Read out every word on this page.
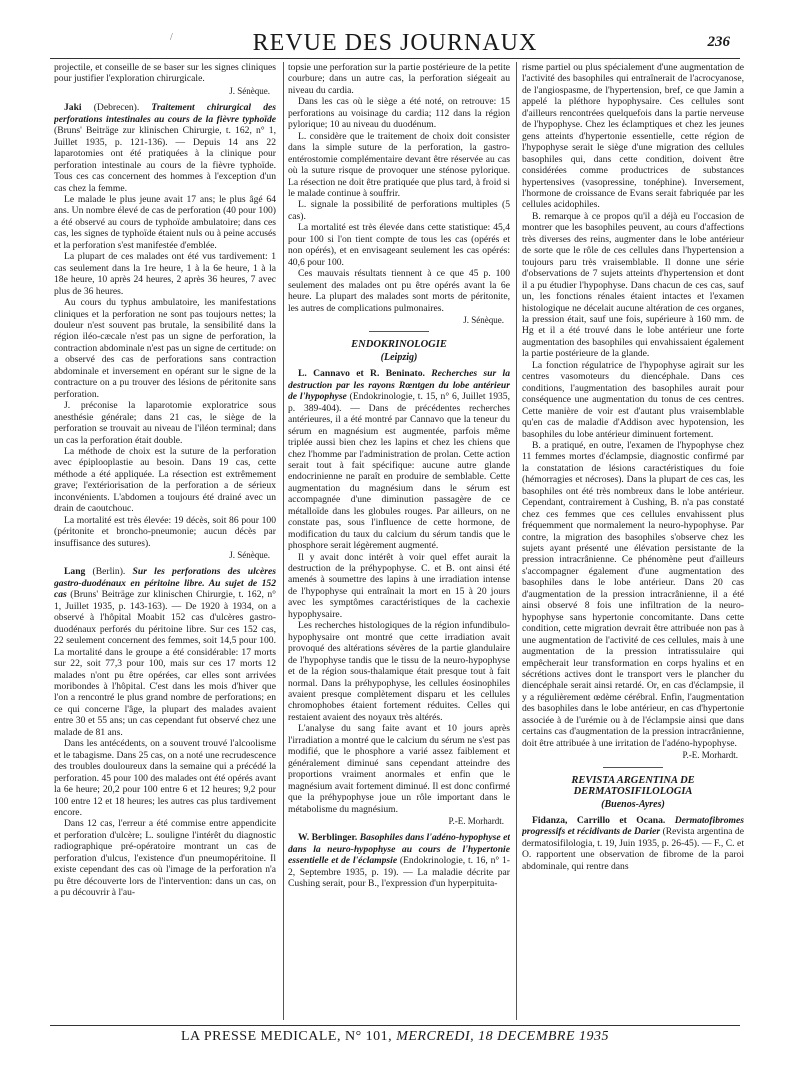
/	REVUE DES JOURNAUX	236

projectile, et conseille de se baser sur les signes cliniques pour justifier l'exploration chirurgicale.

J. Sénèque.

Jaki (Debrecen). Traitement chirurgical des perforations intestinales au cours de la fièvre typhoïde (Bruns' Beiträge zur klinischen Chirurgie, t. 162, n° 1, Juillet 1935, p. 121-136). — Depuis 14 ans 22 laparotomies ont été pratiquées à la clinique pour perforation intestinale au cours de la fièvre typhoïde. Tous ces cas concernent des hommes à l'exception d'un cas chez la femme.

Le malade le plus jeune avait 17 ans; le plus âgé 64 ans. Un nombre élevé de cas de perforation (40 pour 100) a été observé au cours de typhoïde ambulatoire; dans ces cas, les signes de typhoïde étaient nuls ou à peine accusés et la perforation s'est manifestée d'emblée.

La plupart de ces malades ont été vus tardivement: 1 cas seulement dans la 1re heure, 1 à la 6e heure, 1 à la 18e heure, 10 après 24 heures, 2 après 36 heures, 7 avec plus de 36 heures.

Au cours du typhus ambulatoire, les manifestations cliniques et la perforation ne sont pas toujours nettes; la douleur n'est souvent pas brutale, la sensibilité dans la région iléo-cæcale n'est pas un signe de perforation, la contraction abdominale n'est pas un signe de certitude: on a observé des cas de perforations sans contraction abdominale et inversement en opérant sur le signe de la contracture on a pu trouver des lésions de péritonite sans perforation.

J. préconise la laparotomie exploratrice sous anesthésie générale; dans 21 cas, le siège de la perforation se trouvait au niveau de l'iléon terminal; dans un cas la perforation était double.

La méthode de choix est la suture de la perforation avec épiplooplastie au besoin. Dans 19 cas, cette méthode a été appliquée. La résection est extrêmement grave; l'extériorisation de la perforation a de sérieux inconvénients. L'abdomen a toujours été drainé avec un drain de caoutchouc.

La mortalité est très élevée: 19 décès, soit 86 pour 100 (péritonite et broncho-pneumonie; aucun décès par insuffisance des sutures).

J. Sénèque.

Lang (Berlin). Sur les perforations des ulcères gastro-duodénaux en péritoine libre. Au sujet de 152 cas (Bruns' Beiträge zur klinischen Chirurgie, t. 162, n° 1, Juillet 1935, p. 143-163). — De 1920 à 1934, on a observé à l'hôpital Moabit 152 cas d'ulcères gastro-duodénaux perforés du péritoine libre. Sur ces 152 cas, 22 seulement concernent des femmes, soit 14,5 pour 100. La mortalité dans le groupe a été considérable: 17 morts sur 22, soit 77,3 pour 100, mais sur ces 17 morts 12 malades n'ont pu être opérées, car elles sont arrivées moribondes à l'hôpital. C'est dans les mois d'hiver que l'on a rencontré le plus grand nombre de perforations; en ce qui concerne l'âge, la plupart des malades avaient entre 30 et 55 ans; un cas cependant fut observé chez une malade de 81 ans.

Dans les antécédents, on a souvent trouvé l'alcoolisme et le tabagisme. Dans 25 cas, on a noté une recrudescence des troubles douloureux dans la semaine qui a précédé la perforation. 45 pour 100 des malades ont été opérés avant la 6e heure; 20,2 pour 100 entre 6 et 12 heures; 9,2 pour 100 entre 12 et 18 heures; les autres cas plus tardivement encore.

Dans 12 cas, l'erreur a été commise entre appendicite et perforation d'ulcère; L. souligne l'intérêt du diagnostic radiographique pré-opératoire montrant un cas de perforation d'ulcus, l'existence d'un pneumopéritoine. Il existe cependant des cas où l'image de la perforation n'a pu être découverte lors de l'intervention: dans un cas, on a pu découvrir à l'au-

topsie une perforation sur la partie postérieure de la petite courbure; dans un autre cas, la perforation siégeait au niveau du cardia.

Dans les cas où le siège a été noté, on retrouve: 15 perforations au voisinage du cardia; 112 dans la région pylorique; 10 au niveau du duodénum.

L. considère que le traitement de choix doit consister dans la simple suture de la perforation, la gastro-entérostomie complémentaire devant être réservée au cas où la suture risque de provoquer une sténose pylorique. La résection ne doit être pratiquée que plus tard, à froid si le malade continue à souffrir.

L. signale la possibilité de perforations multiples (5 cas).

La mortalité est très élevée dans cette statistique: 45,4 pour 100 si l'on tient compte de tous les cas (opérés et non opérés), et en envisageant seulement les cas opérés: 40,6 pour 100.

Ces mauvais résultats tiennent à ce que 45 p. 100 seulement des malades ont pu être opérés avant la 6e heure. La plupart des malades sont morts de péritonite, les autres de complications pulmonaires.

J. Sénèque.
ENDOKRINOLOGIE
(Leipzig)

L. Cannavo et R. Beninato. Recherches sur la destruction par les rayons Rœntgen du lobe antérieur de l'hypophyse (Endokrinologie, t. 15, n° 6, Juillet 1935, p. 389-404). — Dans de précédentes recherches antérieures, il a été montré par Cannavo que la teneur du sérum en magnésium est augmentée, parfois même triplée aussi bien chez les lapins et chez les chiens que chez l'homme par l'administration de prolan. Cette action serait tout à fait spécifique: aucune autre glande endocrinienne ne paraît en produire de semblable. Cette augmentation du magnésium dans le sérum est accompagnée d'une diminution passagère de ce métalloïde dans les globules rouges. Par ailleurs, on ne constate pas, sous l'influence de cette hormone, de modification du taux du calcium du sérum tandis que le phosphore serait légèrement augmenté.

Il y avait donc intérêt à voir quel effet aurait la destruction de la préhypophyse. C. et B. ont ainsi été amenés à soumettre des lapins à une irradiation intense de l'hypophyse qui entraînait la mort en 15 à 20 jours avec les symptômes caractéristiques de la cachexie hypophysaire.

Les recherches histologiques de la région infundibulo-hypophysaire ont montré que cette irradiation avait provoqué des altérations sévères de la partie glandulaire de l'hypophyse tandis que le tissu de la neuro-hypophyse et de la région sous-thalamique était presque tout à fait normal. Dans la préhypophyse, les cellules éosinophiles avaient presque complètement disparu et les cellules chromophobes étaient fortement réduites. Celles qui restaient avaient des noyaux très altérés.

L'analyse du sang faite avant et 10 jours après l'irradiation a montré que le calcium du sérum ne s'est pas modifié, que le phosphore a varié assez faiblement et généralement diminué sans cependant atteindre des proportions vraiment anormales et enfin que le magnésium avait fortement diminué. Il est donc confirmé que la préhypophyse joue un rôle important dans le métabolisme du magnésium.

P.-E. Morhardt.

W. Berblinger. Basophiles dans l'adéno-hypophyse et dans la neuro-hypophyse au cours de l'hypertonie essentielle et de l'éclampsie (Endokrinologie, t. 16, n° 1-2, Septembre 1935, p. 19). — La maladie décrite par Cushing serait, pour B., l'expression d'un hyperpituita-

risme partiel ou plus spécialement d'une augmentation de l'activité des basophiles qui entraînerait de l'acrocyanose, de l'angiospasme, de l'hypertension, bref, ce que Jamin a appelé la pléthore hypophysaire. Ces cellules sont d'ailleurs rencontrées quelquefois dans la partie nerveuse de l'hypophyse. Chez les éclamptiques et chez les jeunes gens atteints d'hypertonie essentielle, cette région de l'hypophyse serait le siège d'une migration des cellules basophiles qui, dans cette condition, doivent être considérées comme productrices de substances hypertensives (vasopressine, tonéphine). Inversement, l'hormone de croissance de Evans serait fabriquée par les cellules acidophiles.

B. remarque à ce propos qu'il a déjà eu l'occasion de montrer que les basophiles peuvent, au cours d'affections très diverses des reins, augmenter dans le lobe antérieur de sorte que le rôle de ces cellules dans l'hypertension a toujours paru très vraisemblable. Il donne une série d'observations de 7 sujets atteints d'hypertension et dont il a pu étudier l'hypophyse. Dans chacun de ces cas, sauf un, les fonctions rénales étaient intactes et l'examen histologique ne décelait aucune altération de ces organes, la pression était, sauf une fois, supérieure à 160 mm. de Hg et il a été trouvé dans le lobe antérieur une forte augmentation des basophiles qui envahissaient également la partie postérieure de la glande.

La fonction régulatrice de l'hypophyse agirait sur les centres vasomoteurs du diencéphale. Dans ces conditions, l'augmentation des basophiles aurait pour conséquence une augmentation du tonus de ces centres. Cette manière de voir est d'autant plus vraisemblable qu'en cas de maladie d'Addison avec hypotension, les basophiles du lobe antérieur diminuent fortement.

B. a pratiqué, en outre, l'examen de l'hypophyse chez 11 femmes mortes d'éclampsie, diagnostic confirmé par la constatation de lésions caractéristiques du foie (hémorragies et nécroses). Dans la plupart de ces cas, les basophiles ont été très nombreux dans le lobe antérieur. Cependant, contrairement à Cushing, B. n'a pas constaté chez ces femmes que ces cellules envahissent plus fréquemment que normalement la neuro-hypophyse. Par contre, la migration des basophiles s'observe chez les sujets ayant présenté une élévation persistante de la pression intracrânienne. Ce phénomène peut d'ailleurs s'accompagner également d'une augmentation des basophiles dans le lobe antérieur. Dans 20 cas d'augmentation de la pression intracrânienne, il a été ainsi observé 8 fois une infiltration de la neuro-hypophyse sans hypertonie concomitante. Dans cette condition, cette migration devrait être attribuée non pas à une augmentation de l'activité de ces cellules, mais à une augmentation de la pression intratissulaire qui empêcherait leur transformation en corps hyalins et en sécrétions actives dont le transport vers le plancher du diencéphale serait ainsi retardé. Or, en cas d'éclampsie, il y a régulièrement œdème cérébral. Enfin, l'augmentation des basophiles dans le lobe antérieur, en cas d'hypertonie associée à de l'urémie ou à de l'éclampsie ainsi que dans certains cas d'augmentation de la pression intracrânienne, doit être attribuée à une irritation de l'adéno-hypophyse.

P.-E. Morhardt.
REVISTA ARGENTINA DE DERMATOSIFILOLOGIA
(Buenos-Ayres)

Fidanza, Carrillo et Ocana. Dermatofibromes progressifs et récidivants de Darier (Revista argentina de dermatosifilologia, t. 19, Juin 1935, p. 26-45). — F., C. et O. rapportent une observation de fibrome de la paroi abdominale, qui rentre dans

LA PRESSE MEDICALE, N° 101, MERCREDI, 18 DECEMBRE 1935
